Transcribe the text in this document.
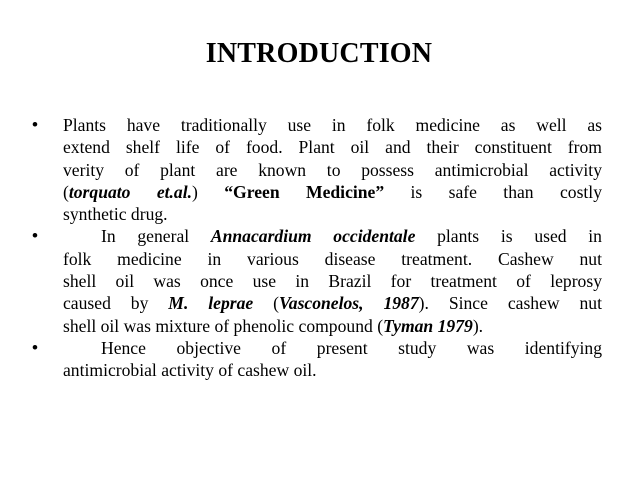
INTRODUCTION
• Plants have traditionally use in folk medicine as well as
extend shelf life of food. Plant oil and their constituent from
verity of plant are known to possess antimicrobial activity
(torquato et.al.) “Green Medicine” is safe than costly
synthetic drug.
•	In general Annacardium occidentale plants is used in
folk medicine in various disease treatment. Cashew nut
shell oil was once use in Brazil for treatment of leprosy
caused by M. leprae (Vasconelos, 1987). Since cashew nut
shell oil was mixture of phenolic compound (Tyman 1979).
•	Hence objective of present study was identifying
antimicrobial activity of cashew oil.
